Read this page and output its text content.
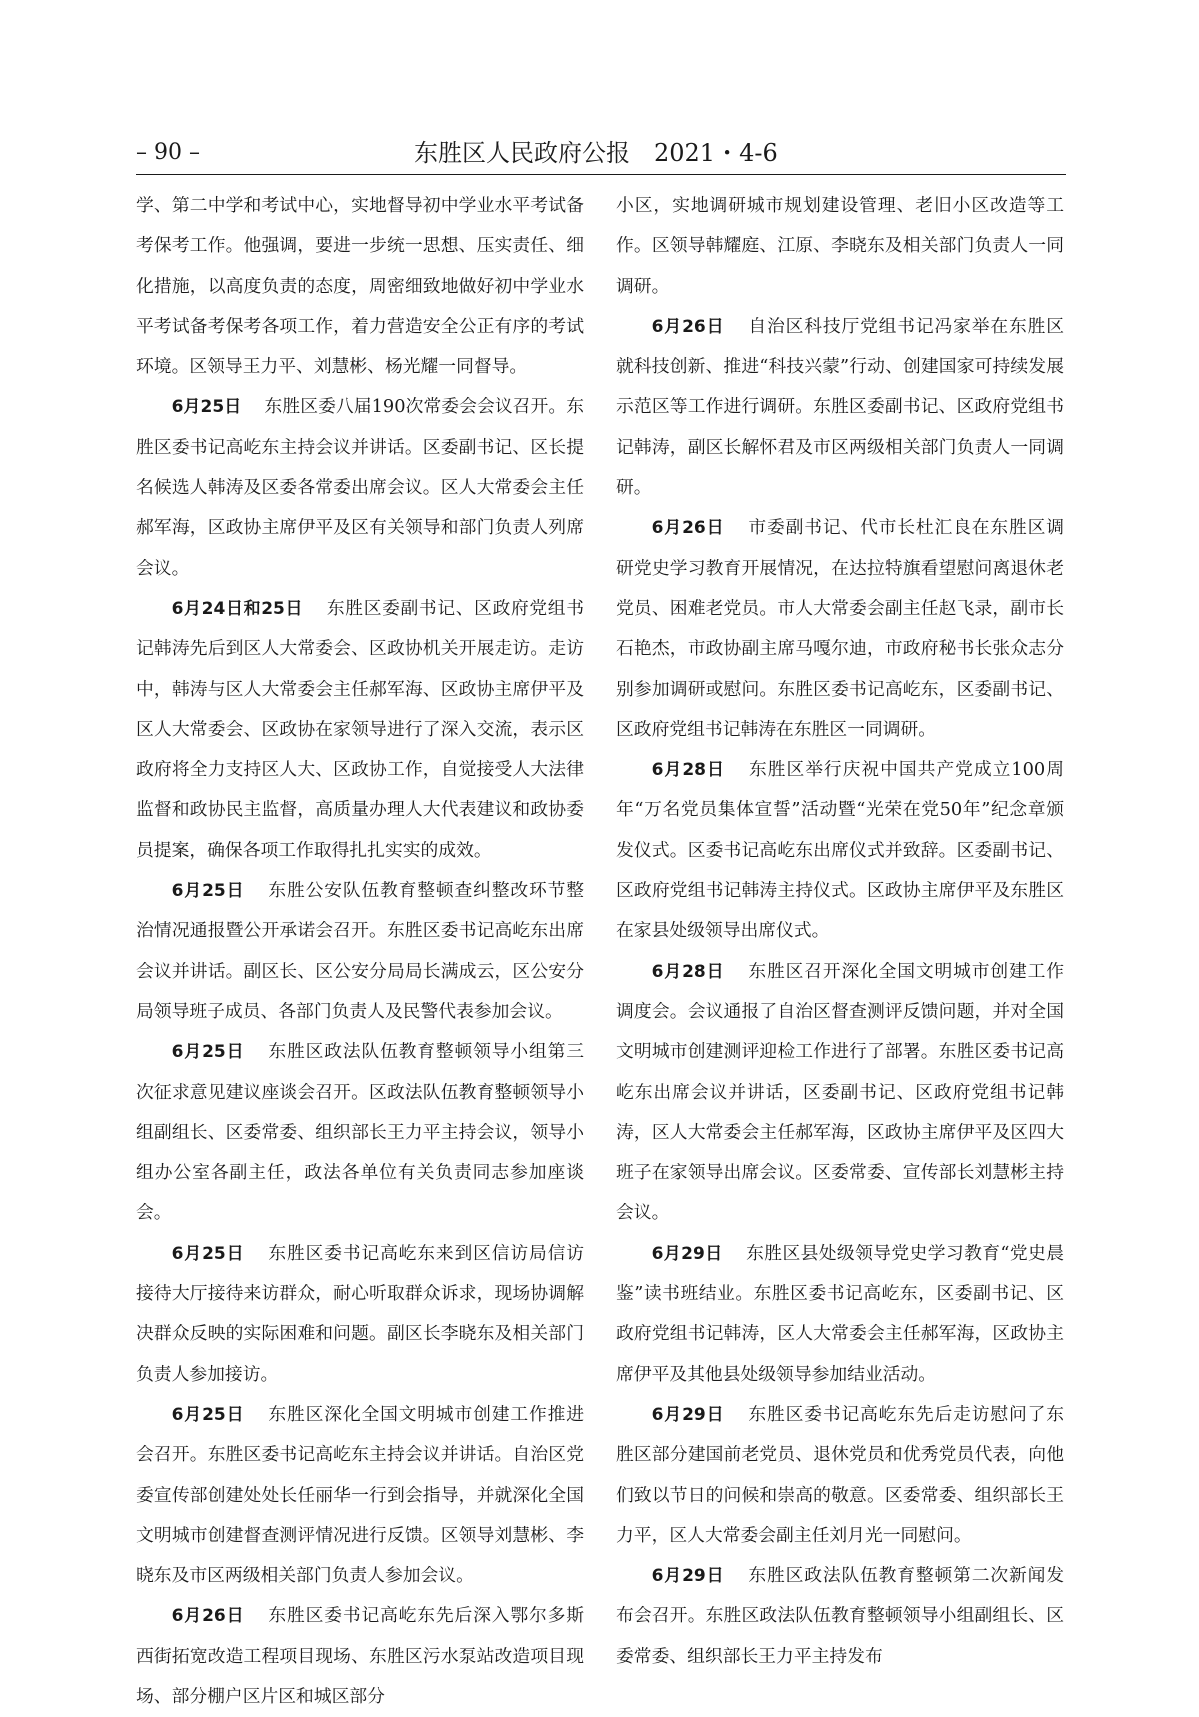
– 90 –	东胜区人民政府公报　2021・4-6

学、第二中学和考试中心，实地督导初中学业水平考试备考保考工作。他强调，要进一步统一思想、压实责任、细化措施，以高度负责的态度，周密细致地做好初中学业水平考试备考保考各项工作，着力营造安全公正有序的考试环境。区领导王力平、刘慧彬、杨光耀一同督导。

6月25日 东胜区委八届190次常委会会议召开。东胜区委书记高屹东主持会议并讲话。区委副书记、区长提名候选人韩涛及区委各常委出席会议。区人大常委会主任郝军海，区政协主席伊平及区有关领导和部门负责人列席会议。

6月24日和25日 东胜区委副书记、区政府党组书记韩涛先后到区人大常委会、区政协机关开展走访。走访中，韩涛与区人大常委会主任郝军海、区政协主席伊平及区人大常委会、区政协在家领导进行了深入交流，表示区政府将全力支持区人大、区政协工作，自觉接受人大法律监督和政协民主监督，高质量办理人大代表建议和政协委员提案，确保各项工作取得扎扎实实的成效。

6月25日 东胜公安队伍教育整顿查纠整改环节整治情况通报暨公开承诺会召开。东胜区委书记高屹东出席会议并讲话。副区长、区公安分局局长满成云，区公安分局领导班子成员、各部门负责人及民警代表参加会议。

6月25日 东胜区政法队伍教育整顿领导小组第三次征求意见建议座谈会召开。区政法队伍教育整顿领导小组副组长、区委常委、组织部长王力平主持会议，领导小组办公室各副主任，政法各单位有关负责同志参加座谈会。

6月25日 东胜区委书记高屹东来到区信访局信访接待大厅接待来访群众，耐心听取群众诉求，现场协调解决群众反映的实际困难和问题。副区长李晓东及相关部门负责人参加接访。

6月25日 东胜区深化全国文明城市创建工作推进会召开。东胜区委书记高屹东主持会议并讲话。自治区党委宣传部创建处处长任丽华一行到会指导，并就深化全国文明城市创建督查测评情况进行反馈。区领导刘慧彬、李晓东及市区两级相关部门负责人参加会议。

6月26日 东胜区委书记高屹东先后深入鄂尔多斯西街拓宽改造工程项目现场、东胜区污水泵站改造项目现场、部分棚户区片区和城区部分

小区，实地调研城市规划建设管理、老旧小区改造等工作。区领导韩耀庭、江原、李晓东及相关部门负责人一同调研。

6月26日 自治区科技厅党组书记冯家举在东胜区就科技创新、推进“科技兴蒙”行动、创建国家可持续发展示范区等工作进行调研。东胜区委副书记、区政府党组书记韩涛，副区长解怀君及市区两级相关部门负责人一同调研。

6月26日 市委副书记、代市长杜汇良在东胜区调研党史学习教育开展情况，在达拉特旗看望慰问离退休老党员、困难老党员。市人大常委会副主任赵飞录，副市长石艳杰，市政协副主席马嘎尔迪，市政府秘书长张众志分别参加调研或慰问。东胜区委书记高屹东，区委副书记、区政府党组书记韩涛在东胜区一同调研。

6月28日 东胜区举行庆祝中国共产党成立100周年“万名党员集体宣誓”活动暨“光荣在党50年”纪念章颁发仪式。区委书记高屹东出席仪式并致辞。区委副书记、区政府党组书记韩涛主持仪式。区政协主席伊平及东胜区在家县处级领导出席仪式。

6月28日 东胜区召开深化全国文明城市创建工作调度会。会议通报了自治区督查测评反馈问题，并对全国文明城市创建测评迎检工作进行了部署。东胜区委书记高屹东出席会议并讲话，区委副书记、区政府党组书记韩涛，区人大常委会主任郝军海，区政协主席伊平及区四大班子在家领导出席会议。区委常委、宣传部长刘慧彬主持会议。

6月29日 东胜区县处级领导党史学习教育“党史晨鉴”读书班结业。东胜区委书记高屹东，区委副书记、区政府党组书记韩涛，区人大常委会主任郝军海，区政协主席伊平及其他县处级领导参加结业活动。

6月29日 东胜区委书记高屹东先后走访慰问了东胜区部分建国前老党员、退休党员和优秀党员代表，向他们致以节日的问候和崇高的敬意。区委常委、组织部长王力平，区人大常委会副主任刘月光一同慰问。

6月29日 东胜区政法队伍教育整顿第二次新闻发布会召开。东胜区政法队伍教育整顿领导小组副组长、区委常委、组织部长王力平主持发布
